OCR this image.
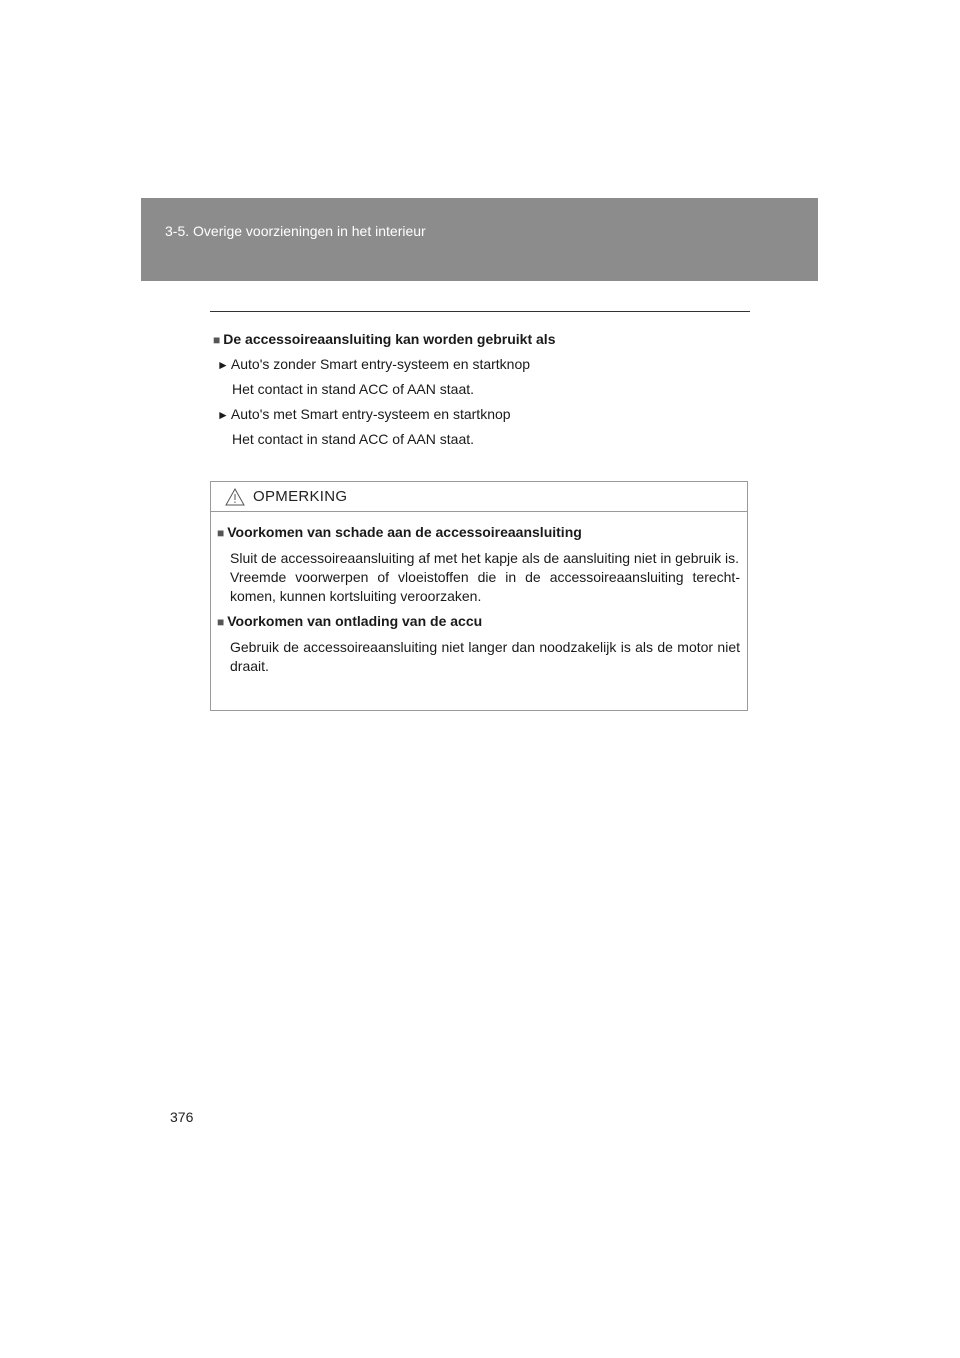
3-5. Overige voorzieningen in het interieur
■ De accessoireaansluiting kan worden gebruikt als
► Auto's zonder Smart entry-systeem en startknop
Het contact in stand ACC of AAN staat.
► Auto's met Smart entry-systeem en startknop
Het contact in stand ACC of AAN staat.
OPMERKING
■ Voorkomen van schade aan de accessoireaansluiting
Sluit de accessoireaansluiting af met het kapje als de aansluiting niet in gebruik is.
Vreemde voorwerpen of vloeistoffen die in de accessoireaansluiting terecht-komen, kunnen kortsluiting veroorzaken.
■ Voorkomen van ontlading van de accu
Gebruik de accessoireaansluiting niet langer dan noodzakelijk is als de motor niet draait.
376
